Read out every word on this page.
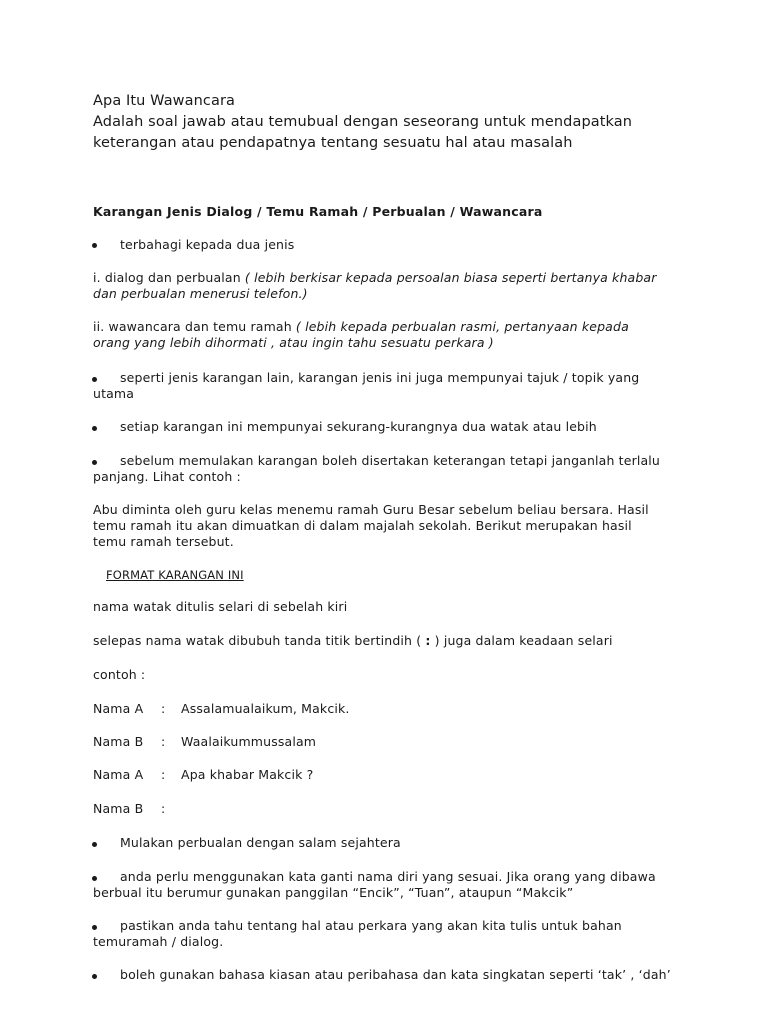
Apa Itu Wawancara
Adalah soal jawab atau temubual dengan seseorang untuk mendapatkan
keterangan atau pendapatnya tentang sesuatu hal atau masalah
Karangan Jenis Dialog / Temu Ramah / Perbualan / Wawancara
terbahagi kepada dua jenis
i. dialog dan perbualan ( lebih berkisar kepada persoalan biasa seperti bertanya khabar
dan perbualan menerusi telefon.)
ii. wawancara dan temu ramah ( lebih kepada perbualan rasmi, pertanyaan kepada
orang yang lebih dihormati , atau ingin tahu sesuatu perkara )
seperti jenis karangan lain, karangan jenis ini juga mempunyai tajuk / topik yang
utama
setiap karangan ini mempunyai sekurang-kurangnya dua watak atau lebih
sebelum memulakan karangan boleh disertakan keterangan tetapi janganlah terlalu
panjang. Lihat contoh :
Abu diminta oleh guru kelas menemu ramah Guru Besar sebelum beliau bersara. Hasil
temu ramah itu akan dimuatkan di dalam majalah sekolah. Berikut merupakan hasil
temu ramah tersebut.
FORMAT KARANGAN INI
nama watak ditulis selari di sebelah kiri
selepas nama watak dibubuh tanda titik bertindih ( : ) juga dalam keadaan selari
contoh :
Nama A : Assalamualaikum, Makcik.
Nama B : Waalaikummussalam
Nama A : Apa khabar Makcik ?
Nama B :
Mulakan perbualan dengan salam sejahtera
anda perlu menggunakan kata ganti nama diri yang sesuai. Jika orang yang dibawa
berbual itu berumur gunakan panggilan “Encik”, “Tuan”, ataupun “Makcik”
pastikan anda tahu tentang hal atau perkara yang akan kita tulis untuk bahan
temuramah / dialog.
boleh gunakan bahasa kiasan atau peribahasa dan kata singkatan seperti ‘tak’ , ‘dah’
